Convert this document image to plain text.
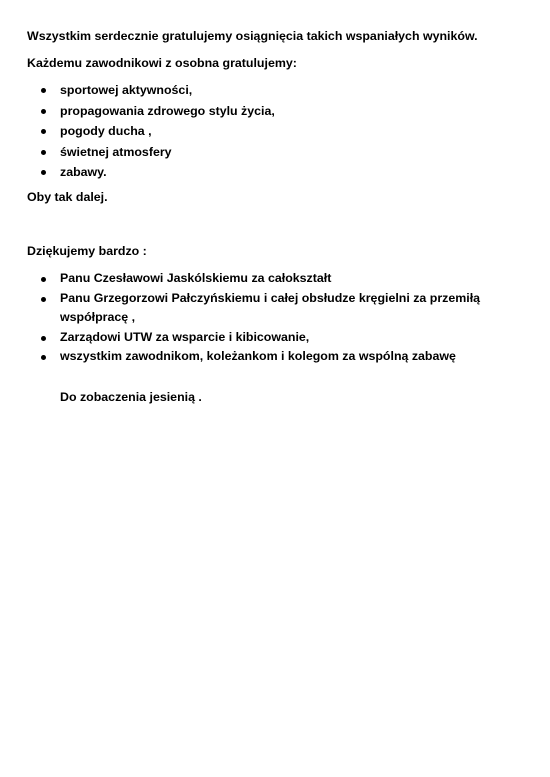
Wszystkim serdecznie gratulujemy osiągnięcia takich wspaniałych wyników.

Każdemu zawodnikowi z osobna gratulujemy:

sportowej aktywności,
propagowania zdrowego stylu życia,
pogody ducha ,
świetnej atmosfery
zabawy.

Oby tak dalej.

Dziękujemy bardzo :

Panu Czesławowi Jaskólskiemu za całokształt
Panu Grzegorzowi Pałczyńskiemu i całej obsłudze kręgielni za przemiłą
współpracę ,
Zarządowi UTW za wsparcie i kibicowanie,
wszystkim zawodnikom, koleżankom i kolegom za wspólną zabawę

Do zobaczenia jesienią .
